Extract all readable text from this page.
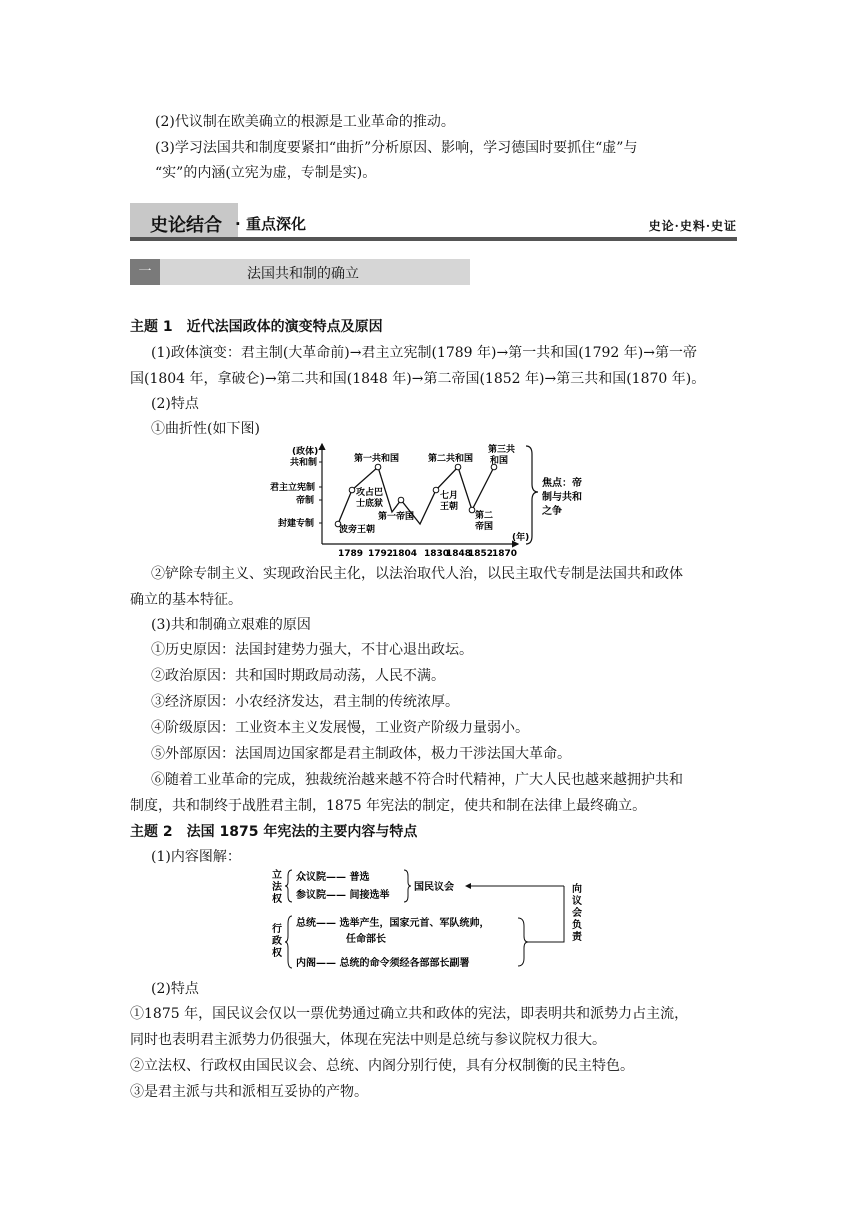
(2)代议制在欧美确立的根源是工业革命的推动。
(3)学习法国共和制度要紧扣“曲折”分析原因、影响，学习德国时要抓住“虚”与
“实”的内涵(立宪为虚，专制是实)。
史论结合 · 重点深化	史论·史料·史证
一	法国共和制的确立
主题 1　近代法国政体的演变特点及原因
(1)政体演变：君主制(大革命前)→君主立宪制(1789 年)→第一共和国(1792 年)→第一帝
国(1804 年，拿破仑)→第二共和国(1848 年)→第二帝国(1852 年)→第三共和国(1870 年)。
(2)特点
①曲折性(如下图)
(政体)
共和制
君主立宪制
帝制
封建专制
1789 1792
1804 1830
1848
1852
1870
(年)
波旁王朝
攻占巴
士底狱
第一共和国
第一帝国
七月
王朝
第二共和国
第二
帝国
第三共
和国
焦点：帝
制与共和
之争
②铲除专制主义、实现政治民主化，以法治取代人治，以民主取代专制是法国共和政体
确立的基本特征。
(3)共和制确立艰难的原因
①历史原因：法国封建势力强大，不甘心退出政坛。
②政治原因：共和国时期政局动荡，人民不满。
③经济原因：小农经济发达，君主制的传统浓厚。
④阶级原因：工业资本主义发展慢，工业资产阶级力量弱小。
⑤外部原因：法国周边国家都是君主制政体，极力干涉法国大革命。
⑥随着工业革命的完成，独裁统治越来越不符合时代精神，广大人民也越来越拥护共和
制度，共和制终于战胜君主制，1875 年宪法的制定，使共和制在法律上最终确立。
主题 2　法国 1875 年宪法的主要内容与特点
(1)内容图解：
立
法
权
众议院—— 普选
参议院—— 间接选举
国民议会
行
政
权
总统—— 选举产生，国家元首、军队统帅，
任命部长
内阁—— 总统的命令须经各部部长副署
向
议
会
负
责
(2)特点
①1875 年，国民议会仅以一票优势通过确立共和政体的宪法，即表明共和派势力占主流，
同时也表明君主派势力仍很强大，体现在宪法中则是总统与参议院权力很大。
②立法权、行政权由国民议会、总统、内阁分别行使，具有分权制衡的民主特色。
③是君主派与共和派相互妥协的产物。
